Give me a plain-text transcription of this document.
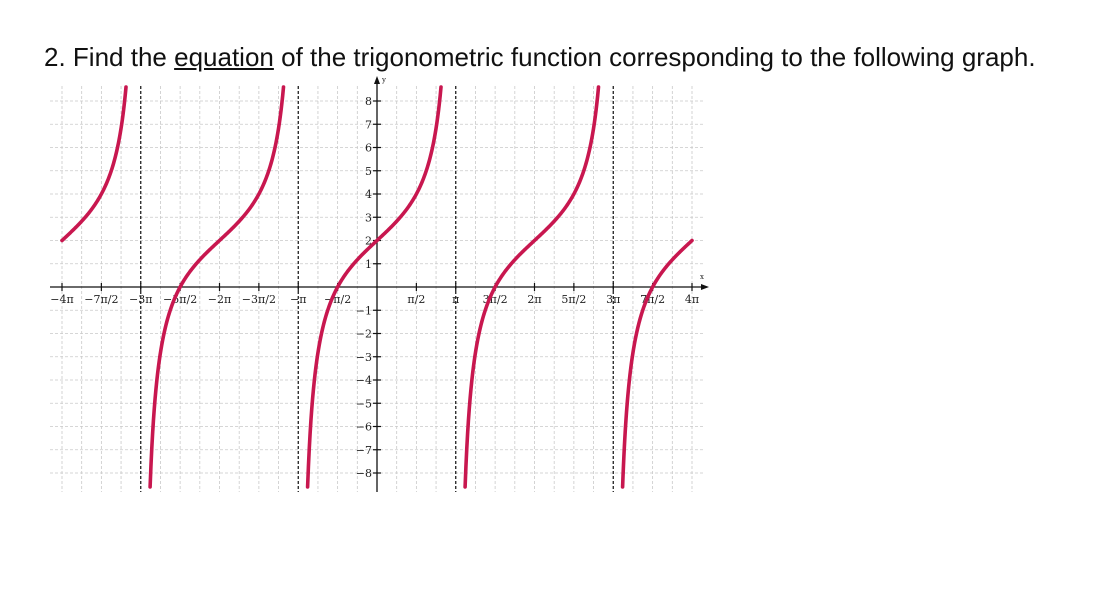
2. Find the equation of the trigonometric function corresponding to the following graph.
x
y
−4π −7π/2 −3π −5π/2 −2π −3π/2 −π −π/2	π/2 π 3π/2 2π 5π/2 3π 7π/2 4π
8
7
6
5
4
3
2
1
−1
−2
−3
−4
−5
−6
−7
−8
